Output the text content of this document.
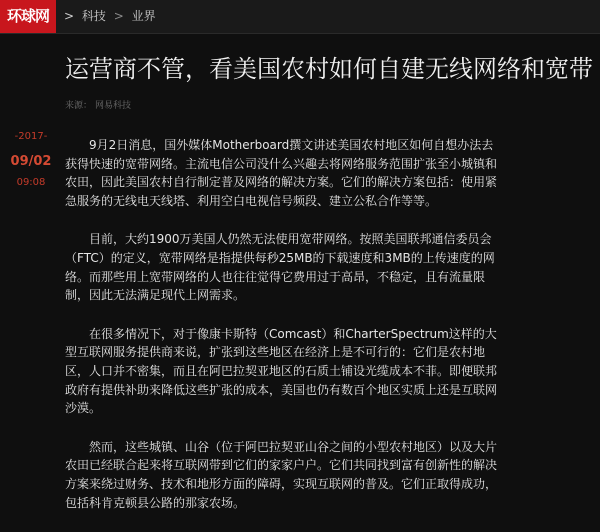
环球网	> 科技 > 业界
运营商不管，看美国农村如何自建无线网络和宽带
来源： 网易科技
-2017-
09/02
09:08

9月2日消息，国外媒体Motherboard撰文讲述美国农村地区如何自想办法去获得快速的宽带网络。主流电信公司没什么兴趣去将网络服务范围扩张至小城镇和农田，因此美国农村自行制定普及网络的解决方案。它们的解决方案包括：使用紧急服务的无线电天线塔、利用空白电视信号频段、建立公私合作等等。

目前，大约1900万美国人仍然无法使用宽带网络。按照美国联邦通信委员会（FTC）的定义，宽带网络是指提供每秒25MB的下载速度和3MB的上传速度的网络。而那些用上宽带网络的人也往往觉得它费用过于高昂，不稳定，且有流量限制，因此无法满足现代上网需求。

在很多情况下，对于像康卡斯特（Comcast）和CharterSpectrum这样的大型互联网服务提供商来说，扩张到这些地区在经济上是不可行的：它们是农村地区，人口并不密集，而且在阿巴拉契亚地区的石质土铺设光缆成本不菲。即便联邦政府有提供补助来降低这些扩张的成本，美国也仍有数百个地区实质上还是互联网沙漠。

然而，这些城镇、山谷（位于阿巴拉契亚山谷之间的小型农村地区）以及大片农田已经联合起来将互联网带到它们的家家户户。它们共同找到富有创新性的解决方案来绕过财务、技术和地形方面的障碍，实现互联网的普及。它们正取得成功，包括科肯克顿县公路的那家农场。
